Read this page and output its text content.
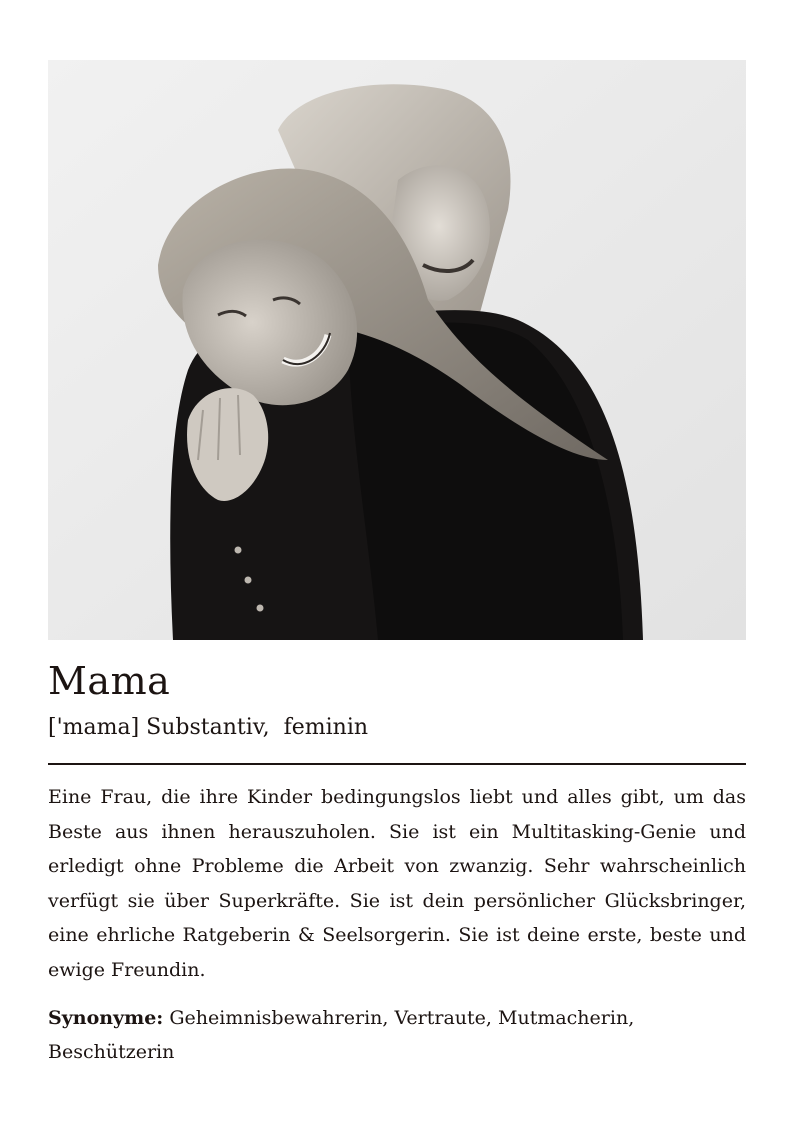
Mama
['mama] Substantiv, feminin

Eine Frau, die ihre Kinder bedingungslos liebt und alles gibt, um das Beste aus ihnen herauszuholen. Sie ist ein Multitasking-Genie und erledigt ohne Probleme die Arbeit von zwanzig. Sehr wahrscheinlich verfügt sie über Superkräfte. Sie ist dein persönlicher Glücksbringer, eine ehrliche Ratgeberin & Seelsorgerin. Sie ist deine erste, beste und ewige Freundin.

Synonyme: Geheimnisbewahrerin, Vertraute, Mutmacherin, Beschützerin
